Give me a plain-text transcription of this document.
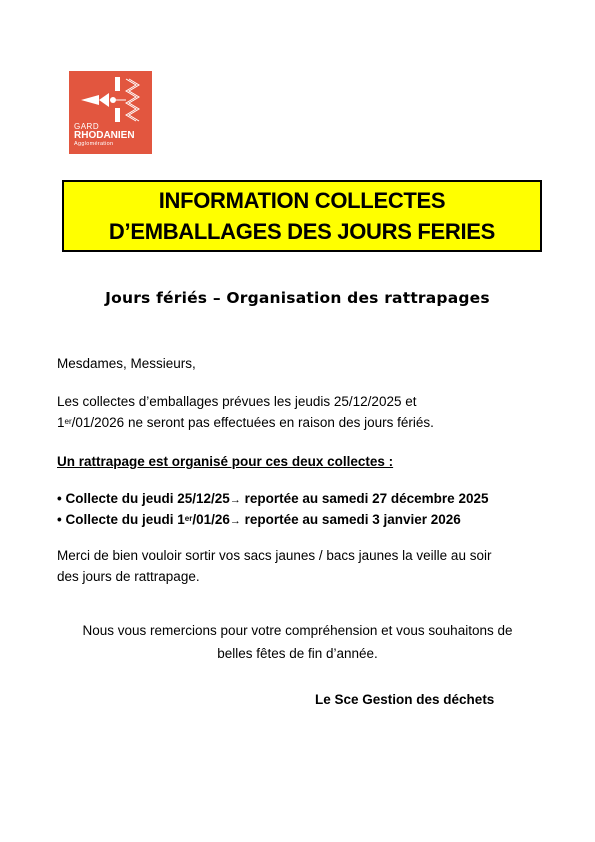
GARD
RHODANIEN
Agglomération
INFORMATION COLLECTES
D’EMBALLAGES DES JOURS FERIES
Jours fériés – Organisation des rattrapages
Mesdames, Messieurs,
Les collectes d’emballages prévues les jeudis 25/12/2025 et
1er/01/2026 ne seront pas effectuées en raison des jours fériés.
Un rattrapage est organisé pour ces deux collectes :
• Collecte du jeudi 25/12/25→ reportée au samedi 27 décembre 2025
• Collecte du jeudi 1er/01/26→ reportée au samedi 3 janvier 2026
Merci de bien vouloir sortir vos sacs jaunes / bacs jaunes la veille au soir
des jours de rattrapage.
Nous vous remercions pour votre compréhension et vous souhaitons de
belles fêtes de fin d’année.
Le Sce Gestion des déchets
